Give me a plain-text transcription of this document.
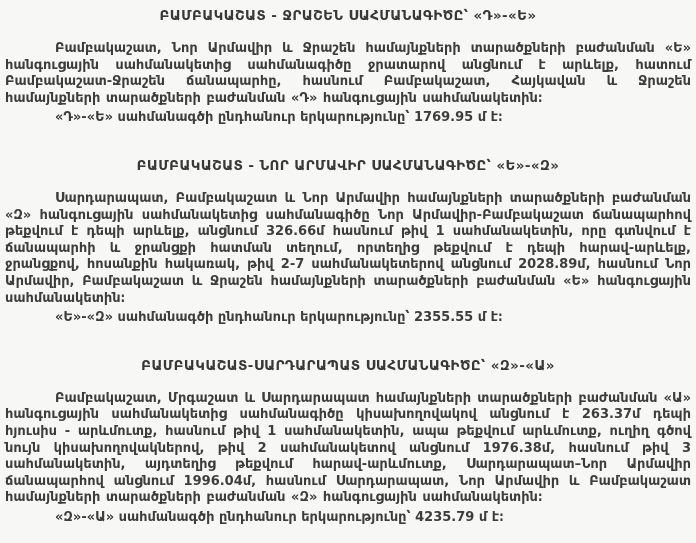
ԲԱՄԲԱԿԱՇԱՏ - ՋՐԱՇԵՆ ՍԱՀՄԱՆԱԳԻԾԸ՝ «Դ»-«Ե»

Բամբակաշատ, Նոր Արմավիր և Ջրաշեն համայնքների տարածքների բաժանման «Ե» հանգուցային սահմանակետից սահմանագիծը ջրատարով անցնում է արևելք, հատում Բամբակաշատ-Ջրաշեն ճանապարհը, հասնում Բամբակաշատ, Հայկավան և Ջրաշեն համայնքների տարածքների բաժանման «Դ» հանգուցային սահմանակետին։

«Դ»-«Ե» սահմանագծի ընդհանուր երկարությունը՝ 1769.95 մ է։

ԲԱՄԲԱԿԱՇԱՏ - ՆՈՐ ԱՐՄԱՎԻՐ ՍԱՀՄԱՆԱԳԻԾԸ՝ «Ե»-«Զ»

Սարդարապատ, Բամբակաշատ և Նոր Արմավիր համայնքների տարածքների բաժանման «Զ» հանգուցային սահմանակետից սահմանագիծը Նոր Արմավիր-Բամբակաշատ ճանապարհով թեքվում է դեպի արևելք, անցնում 326.66մ հասնում թիվ 1 սահմանակետին, որը գտնվում է ճանապարհի և ջրանցքի հատման տեղում, որտեղից թեքվում է դեպի հարավ-արևելք, ջրանցքով, հոսանքին հակառակ, թիվ 2-7 սահմանակետերով անցնում 2028.89մ, հասնում Նոր Արմավիր, Բամբակաշատ և Ջրաշեն համայնքների տարածքների բաժանման «Ե» հանգուցային սահմանակետին։

«Ե»-«Զ» սահմանագծի ընդհանուր երկարությունը՝ 2355.55 մ է։

ԲԱՄԲԱԿԱՇԱՏ-ՍԱՐԴԱՐԱՊԱՏ ՍԱՀՄԱՆԱԳԻԾԸ՝ «Զ»-«Ա»

Բամբակաշատ, Մրգաշատ և Սարդարապատ համայնքների տարածքների բաժանման «Ա» հանգուցային սահմանակետից սահմանագիծը կիսախողովակով անցնում է 263.37մ դեպի հյուսիս - արևմուտք, հասնում թիվ 1 սահմանակետին, ապա թեքվում արևմուտք, ուղիղ գծով նույն կիսախողովակներով, թիվ 2 սահմանակետով անցնում 1976.38մ, հասնում թիվ 3 սահմանակետին, այդտեղից թեքվում հարավ-արևմուտք, Սարդարապատ–Նոր Արմավիր ճանապարհով անցնում 1996.04մ, հասնում Սարդարապատ, Նոր Արմավիր և Բամբակաշատ համայնքների տարածքների բաժանման «Զ» հանգուցային սահմանակետին։

«Զ»-«Ա» սահմանագծի ընդհանուր երկարությունը՝ 4235.79 մ է։
